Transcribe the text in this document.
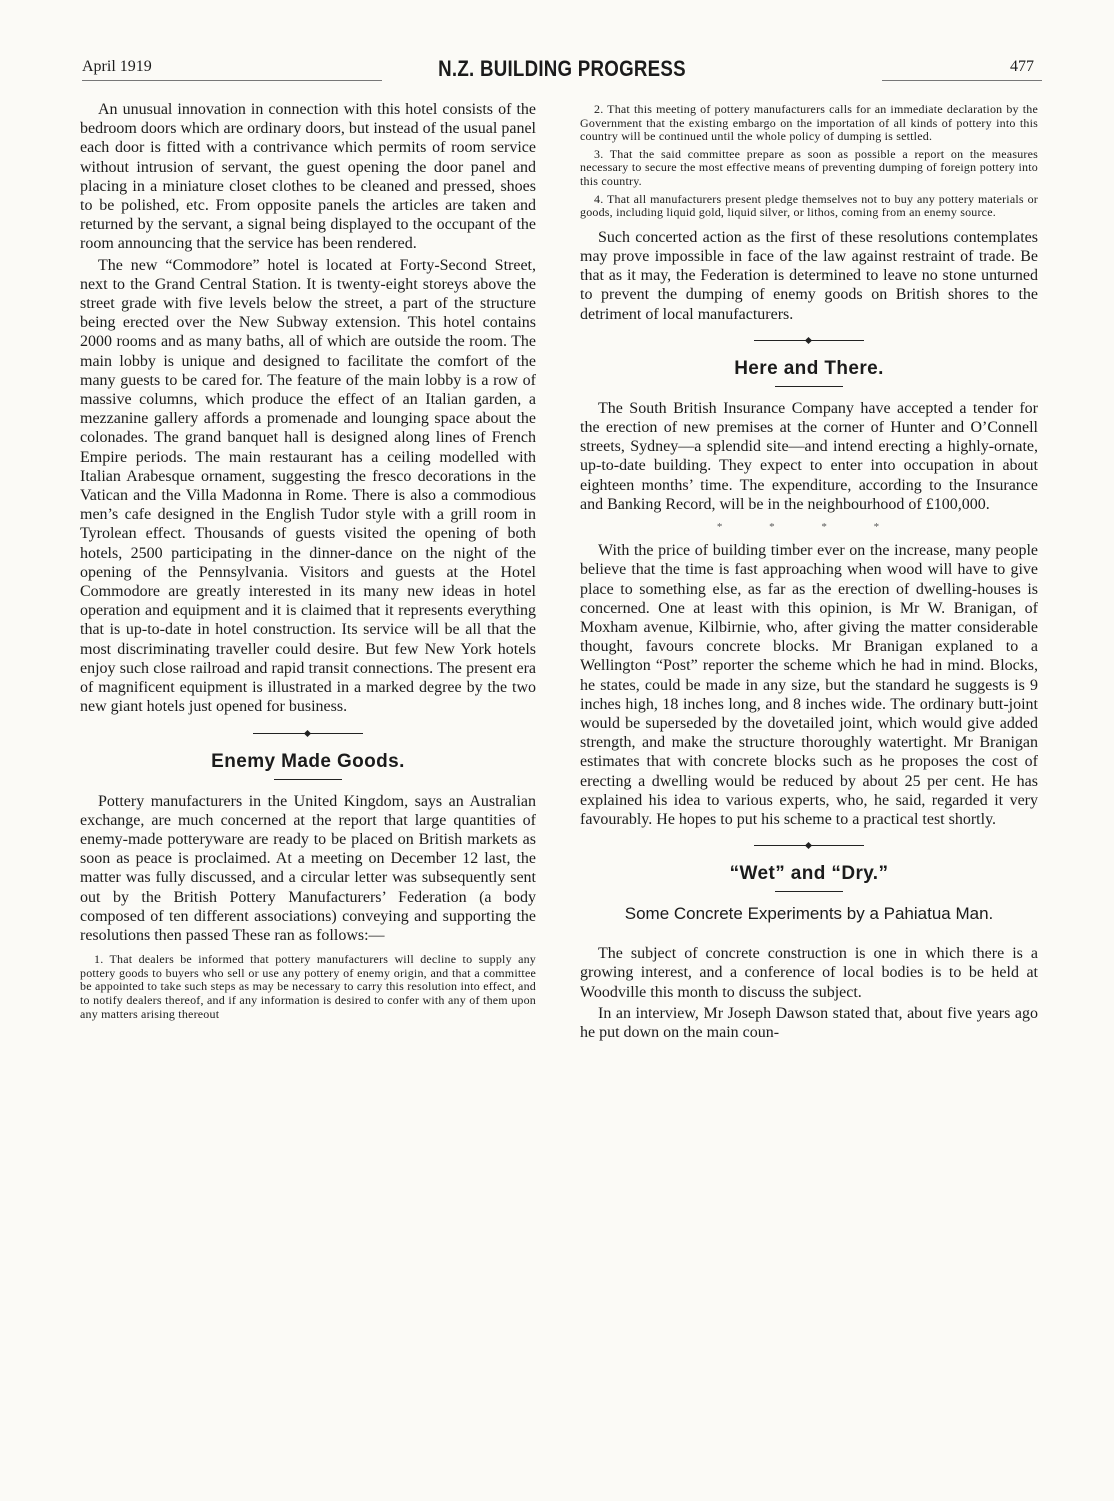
April 1919	N.Z. BUILDING PROGRESS	477

An unusual innovation in connection with this hotel consists of the bedroom doors which are ordinary doors, but instead of the usual panel each door is fitted with a contrivance which permits of room service without intrusion of servant, the guest opening the door panel and placing in a miniature closet clothes to be cleaned and pressed, shoes to be polished, etc. From opposite panels the articles are taken and returned by the servant, a signal being displayed to the occupant of the room announcing that the service has been rendered.

The new “Commodore” hotel is located at Forty-Second Street, next to the Grand Central Station. It is twenty-eight storeys above the street grade with five levels below the street, a part of the structure being erected over the New Subway extension. This hotel contains 2000 rooms and as many baths, all of which are outside the room. The main lobby is unique and designed to facilitate the comfort of the many guests to be cared for. The feature of the main lobby is a row of massive columns, which produce the effect of an Italian garden, a mezzanine gallery affords a promenade and lounging space about the colonades. The grand banquet hall is designed along lines of French Empire periods. The main restaurant has a ceiling modelled with Italian Arabesque ornament, suggesting the fresco decorations in the Vatican and the Villa Madonna in Rome. There is also a commodious men’s cafe designed in the English Tudor style with a grill room in Tyrolean effect. Thousands of guests visited the opening of both hotels, 2500 participating in the dinner-dance on the night of the opening of the Pennsylvania. Visitors and guests at the Hotel Commodore are greatly interested in its many new ideas in hotel operation and equipment and it is claimed that it represents everything that is up-to-date in hotel construction. Its service will be all that the most discriminating traveller could desire. But few New York hotels enjoy such close railroad and rapid transit connections. The present era of magnificent equipment is illustrated in a marked degree by the two new giant hotels just opened for business.

Enemy Made Goods.

Pottery manufacturers in the United Kingdom, says an Australian exchange, are much concerned at the report that large quantities of enemy-made potteryware are ready to be placed on British markets as soon as peace is proclaimed. At a meeting on December 12 last, the matter was fully discussed, and a circular letter was subsequently sent out by the British Pottery Manufacturers’ Federation (a body composed of ten different associations) conveying and supporting the resolutions then passed These ran as follows:—

1. That dealers be informed that pottery manufacturers will decline to supply any pottery goods to buyers who sell or use any pottery of enemy origin, and that a committee be appointed to take such steps as may be necessary to carry this resolution into effect, and to notify dealers thereof, and if any information is desired to confer with any of them upon any matters arising thereout

2. That this meeting of pottery manufacturers calls for an immediate declaration by the Government that the existing embargo on the importation of all kinds of pottery into this country will be continued until the whole policy of dumping is settled.

3. That the said committee prepare as soon as possible a report on the measures necessary to secure the most effective means of preventing dumping of foreign pottery into this country.

4. That all manufacturers present pledge themselves not to buy any pottery materials or goods, including liquid gold, liquid silver, or lithos, coming from an enemy source.

Such concerted action as the first of these resolutions contemplates may prove impossible in face of the law against restraint of trade. Be that as it may, the Federation is determined to leave no stone unturned to prevent the dumping of enemy goods on British shores to the detriment of local manufacturers.

Here and There.

The South British Insurance Company have accepted a tender for the erection of new premises at the corner of Hunter and O’Connell streets, Sydney—a splendid site—and intend erecting a highly-ornate, up-to-date building. They expect to enter into occupation in about eighteen months’ time. The expenditure, according to the Insurance and Banking Record, will be in the neighbourhood of £100,000.

* * * *

With the price of building timber ever on the increase, many people believe that the time is fast approaching when wood will have to give place to something else, as far as the erection of dwelling-houses is concerned. One at least with this opinion, is Mr W. Branigan, of Moxham avenue, Kilbirnie, who, after giving the matter considerable thought, favours concrete blocks. Mr Branigan explaned to a Wellington “Post” reporter the scheme which he had in mind. Blocks, he states, could be made in any size, but the standard he suggests is 9 inches high, 18 inches long, and 8 inches wide. The ordinary butt-joint would be superseded by the dovetailed joint, which would give added strength, and make the structure thoroughly watertight. Mr Branigan estimates that with concrete blocks such as he proposes the cost of erecting a dwelling would be reduced by about 25 per cent. He has explained his idea to various experts, who, he said, regarded it very favourably. He hopes to put his scheme to a practical test shortly.

“Wet” and “Dry.”
Some Concrete Experiments by a Pahiatua Man.

The subject of concrete construction is one in which there is a growing interest, and a conference of local bodies is to be held at Woodville this month to discuss the subject.

In an interview, Mr Joseph Dawson stated that, about five years ago he put down on the main coun-
